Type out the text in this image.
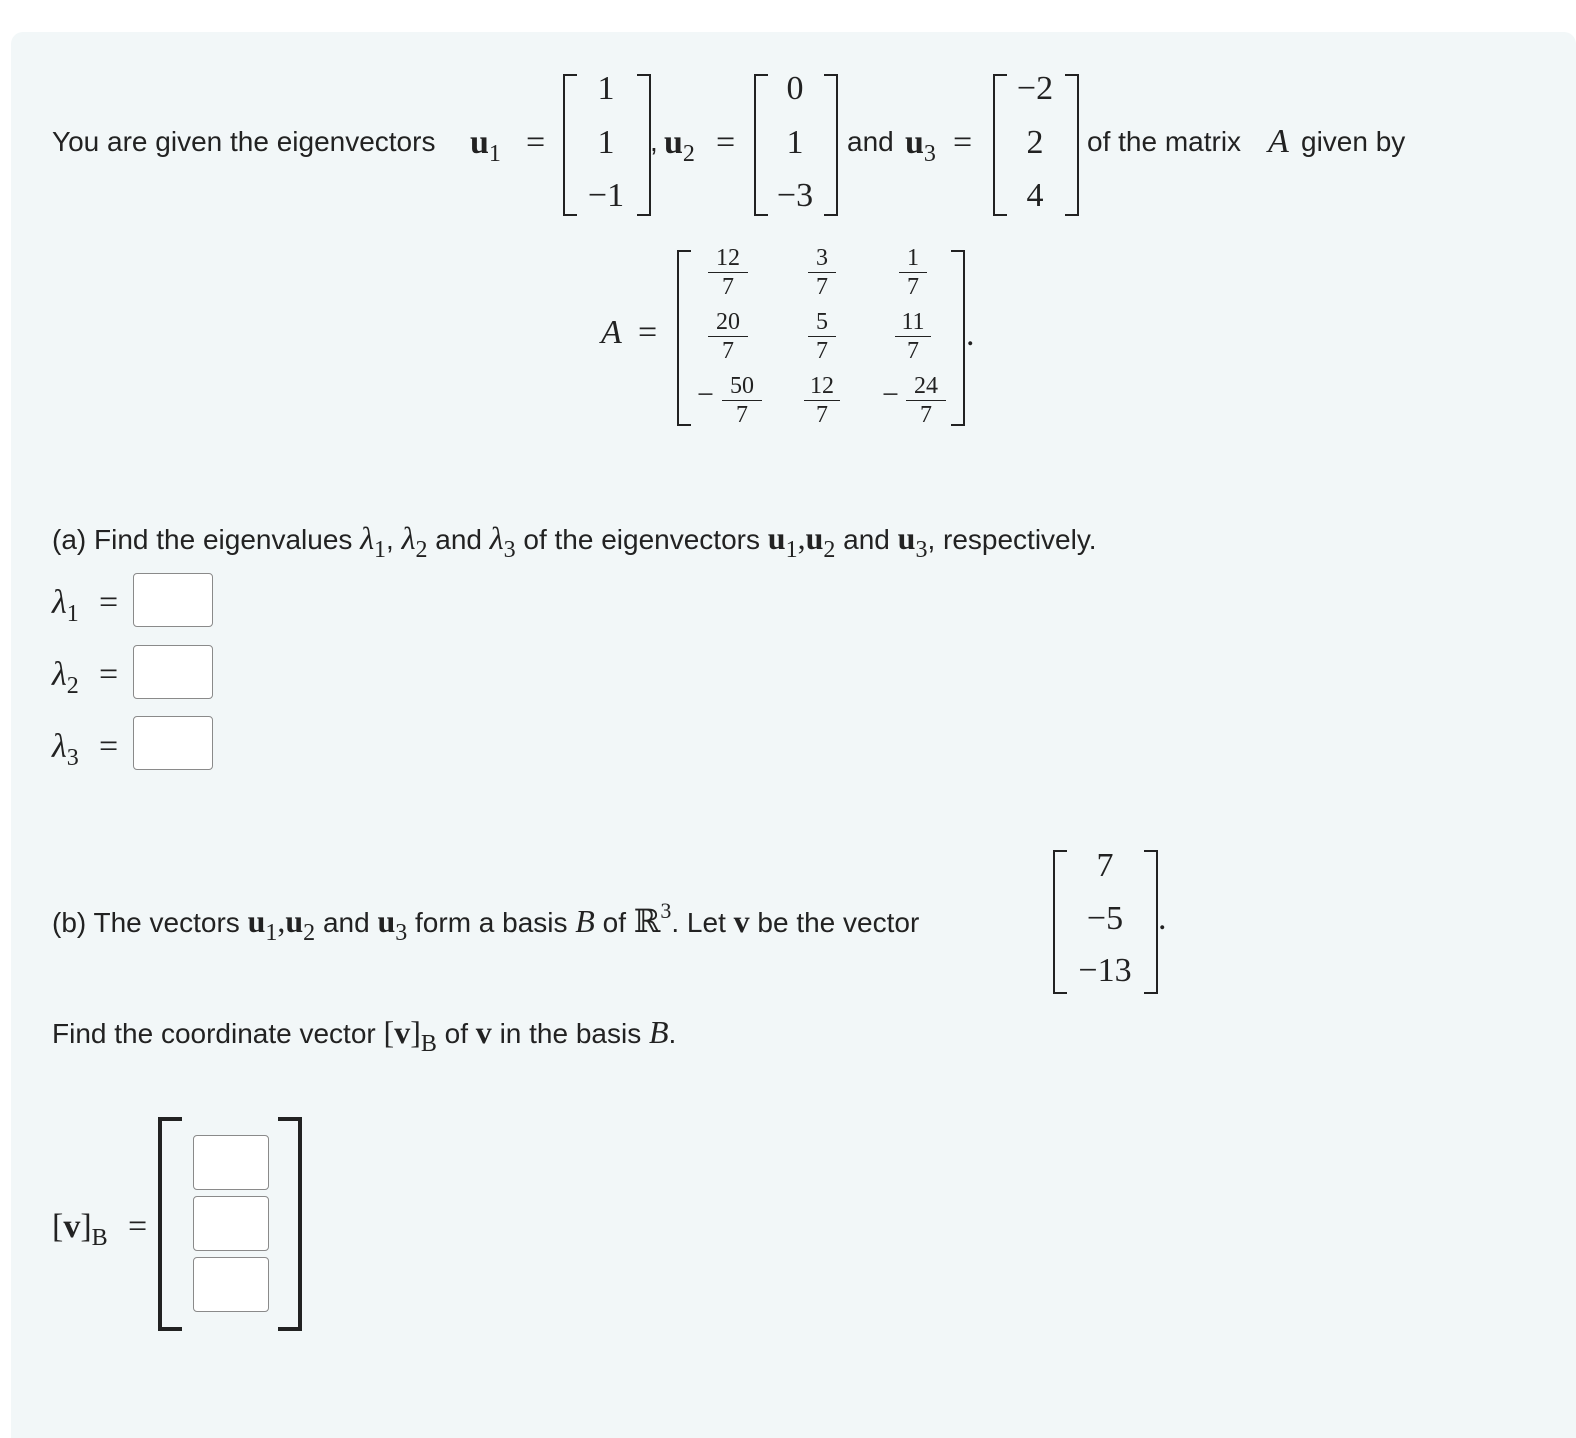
You are given the eigenvectors $u_1$ =
1
1
−1
, $u_2$ =
0
1
−3
and $u_3$ =
−2
2
4
of the matrix A given by
A =
12
7
3
7
1
7
20
7
5
7
11
7
− 50
7
12
7
− 24
7
.
(a) Find the eigenvalues λ1, λ2 and λ3 of the eigenvectors u1,u2 and u3, respectively.
$\lambda_1$ =
$\lambda_2$ =
$\lambda_3$ =
(b) The vectors u1,u2 and u3 form a basis B of ℝ$^3$. Let v be the vector
7
−5
−13
.
Find the coordinate vector [v]B of v in the basis B.
$[v]_B$ =
